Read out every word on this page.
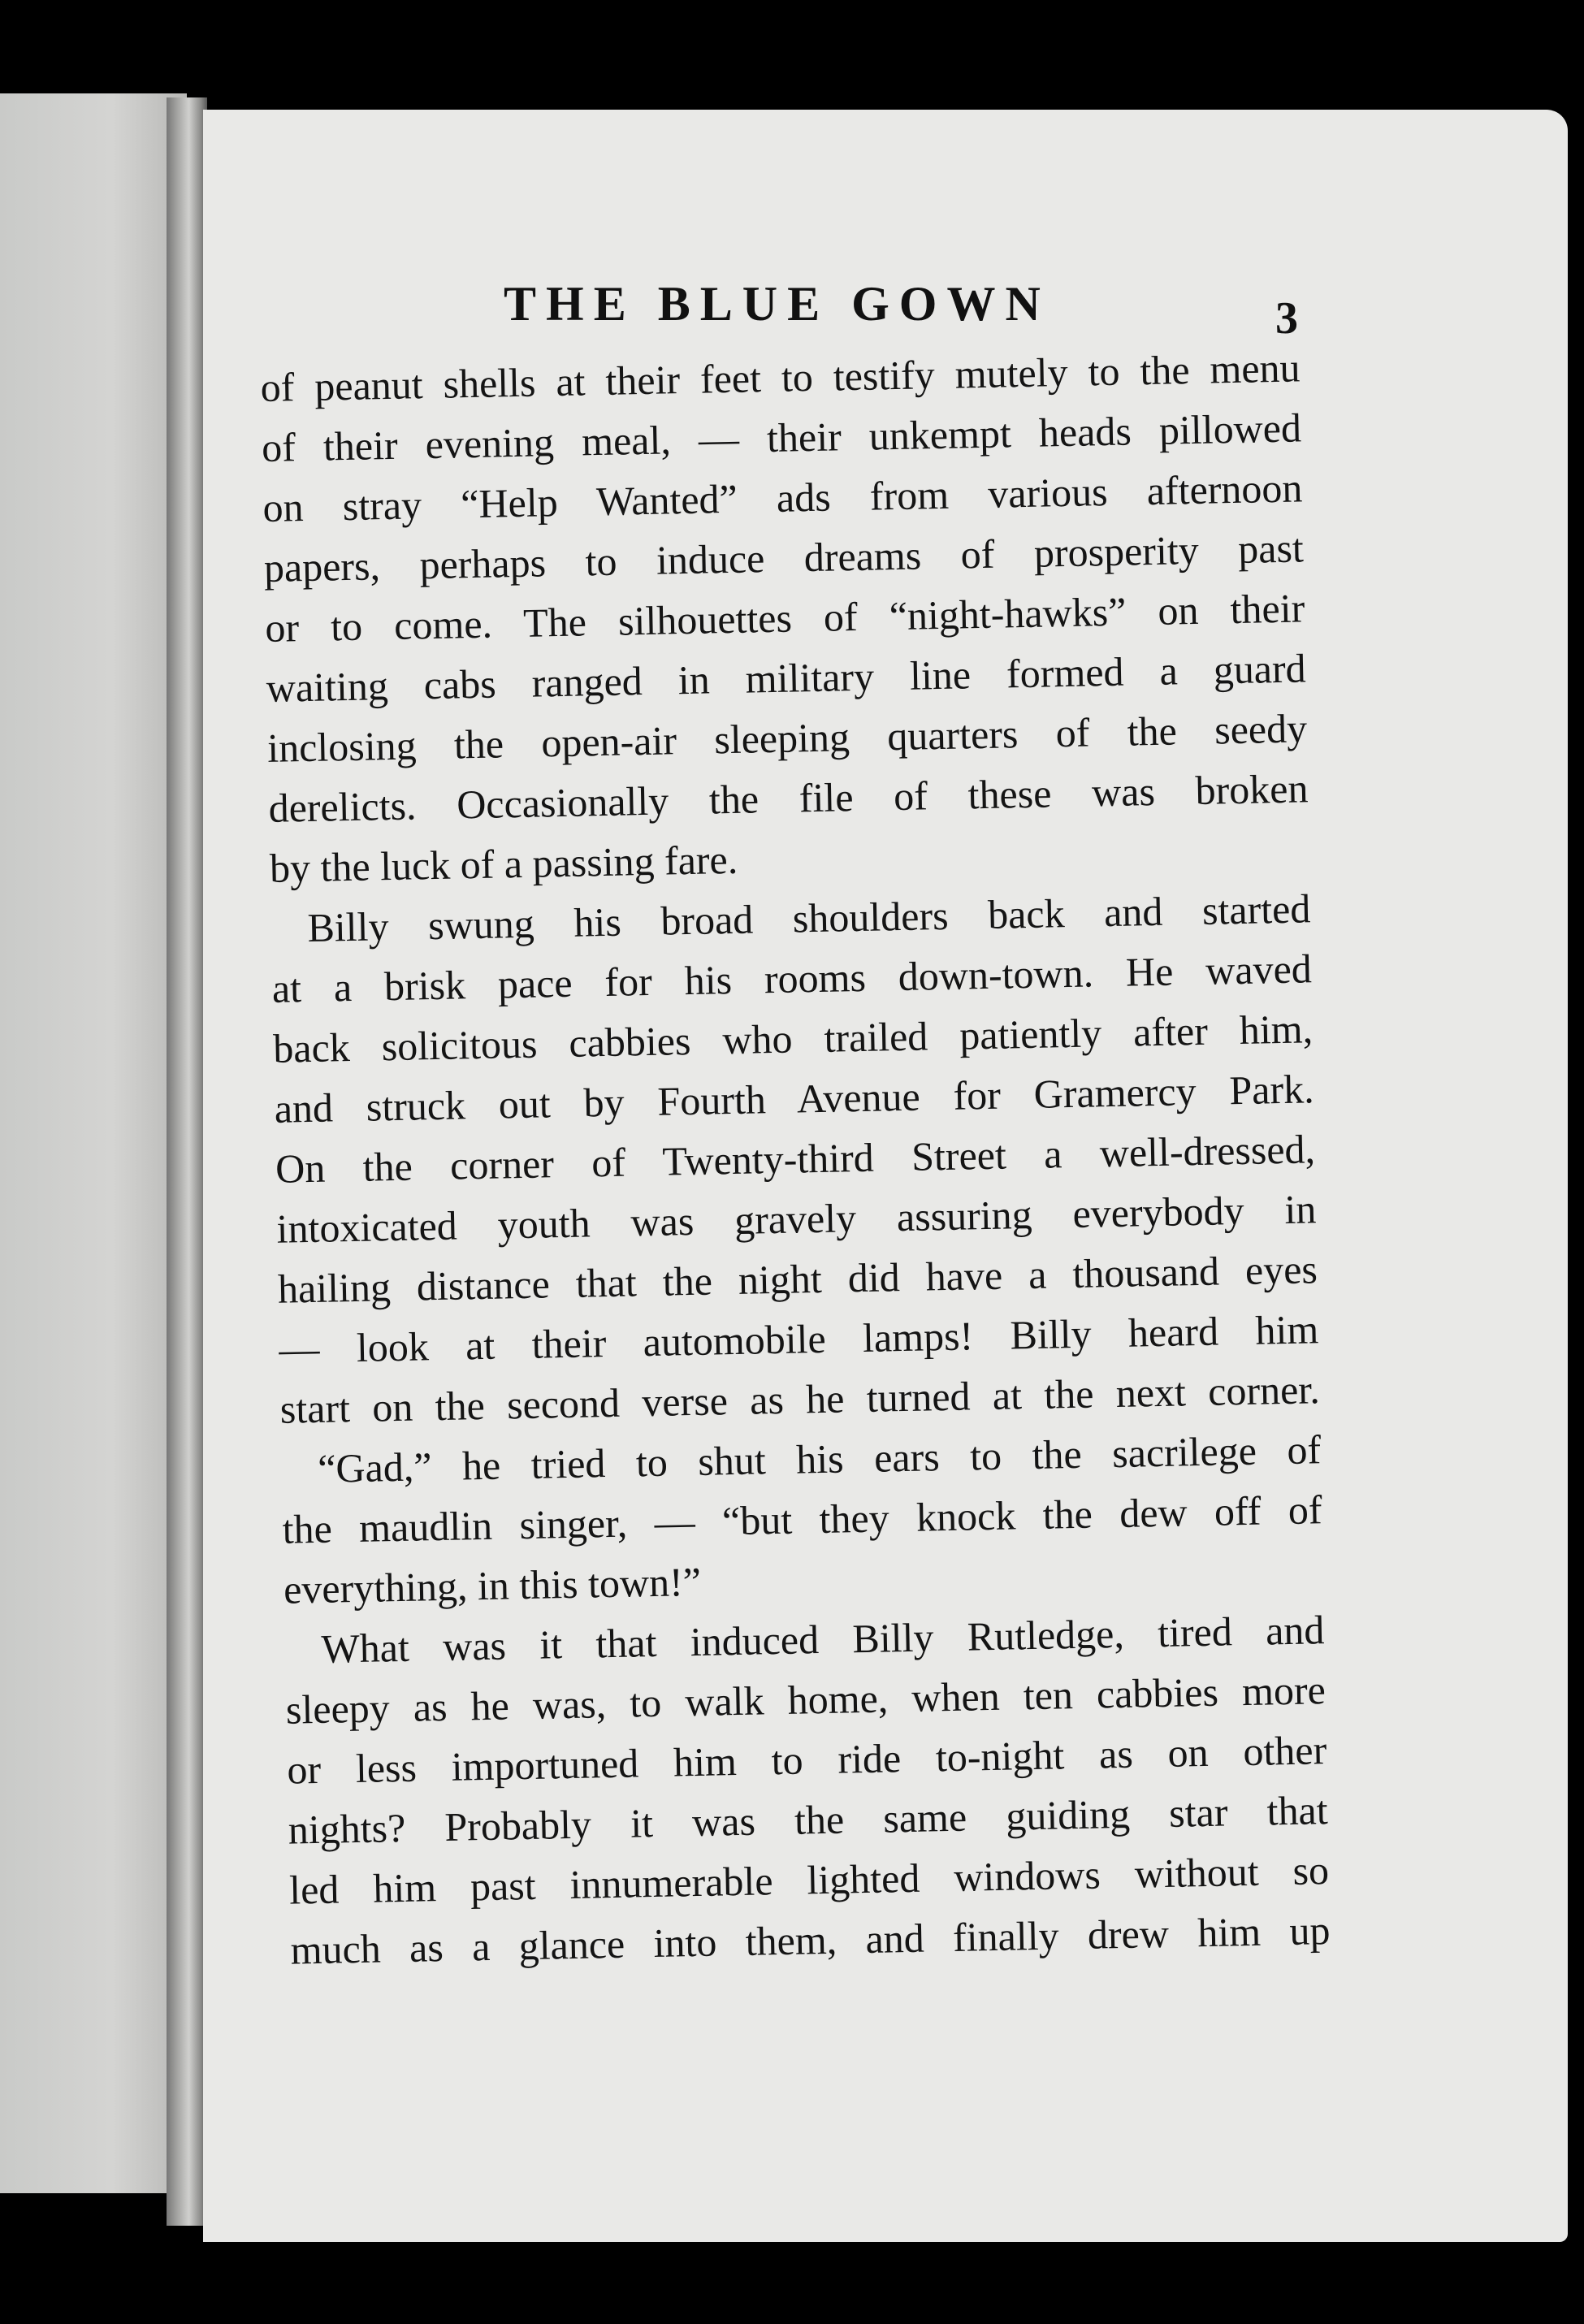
THE BLUE GOWN	3
of peanut shells at their feet to testify mutely to the menu
of their evening meal, — their unkempt heads pillowed
on stray “Help Wanted” ads from various afternoon
papers, perhaps to induce dreams of prosperity past
or to come. The silhouettes of “night-hawks” on their
waiting cabs ranged in military line formed a guard
inclosing the open-air sleeping quarters of the seedy
derelicts. Occasionally the file of these was broken
by the luck of a passing fare.
Billy swung his broad shoulders back and started
at a brisk pace for his rooms down-town. He waved
back solicitous cabbies who trailed patiently after him,
and struck out by Fourth Avenue for Gramercy Park.
On the corner of Twenty-third Street a well-dressed,
intoxicated youth was gravely assuring everybody in
hailing distance that the night did have a thousand eyes
— look at their automobile lamps! Billy heard him
start on the second verse as he turned at the next corner.
“Gad,” he tried to shut his ears to the sacrilege of
the maudlin singer, — “but they knock the dew off of
everything, in this town!”
What was it that induced Billy Rutledge, tired and
sleepy as he was, to walk home, when ten cabbies more
or less importuned him to ride to-night as on other
nights? Probably it was the same guiding star that
led him past innumerable lighted windows without so
much as a glance into them, and finally drew him up
